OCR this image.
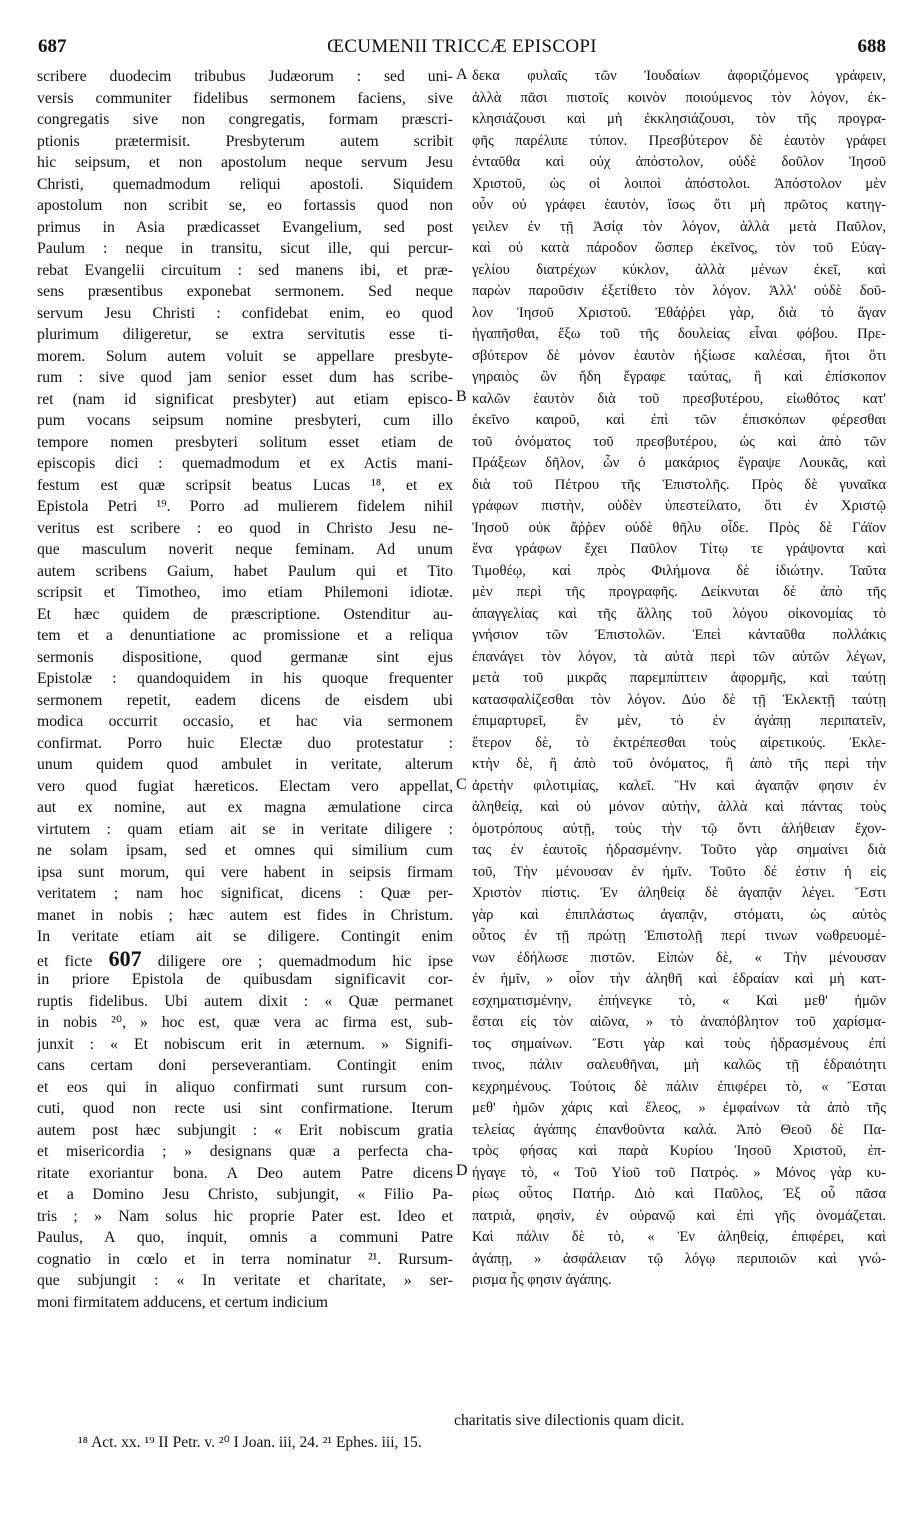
687	ŒCUMENII TRICCÆ EPISCOPI	688
scribere duodecim tribubus Judæorum : sed uni-
versis communiter fidelibus sermonem faciens, sive
congregatis sive non congregatis, formam præscri-
ptionis prætermisit. Presbyterum autem scribit
hic seipsum, et non apostolum neque servum Jesu
Christi, quemadmodum reliqui apostoli. Siquidem
apostolum non scribit se, eo fortassis quod non
primus in Asia prædicasset Evangelium, sed post
Paulum : neque in transitu, sicut ille, qui percur-
rebat Evangelii circuitum : sed manens ibi, et præ-
sens præsentibus exponebat sermonem. Sed neque
servum Jesu Christi : confidebat enim, eo quod
plurimum diligeretur, se extra servitutis esse ti-
morem. Solum autem voluit se appellare presbyte-
rum : sive quod jam senior esset dum has scribe-
ret (nam id significat presbyter) aut etiam episco-
pum vocans seipsum nomine presbyteri, cum illo
tempore nomen presbyteri solitum esset etiam de
episcopis dici : quemadmodum et ex Actis mani-
festum est quæ scripsit beatus Lucas ¹⁸, et ex
Epistola Petri ¹⁹. Porro ad mulierem fidelem nihil
veritus est scribere : eo quod in Christo Jesu ne-
que masculum noverit neque feminam. Ad unum
autem scribens Gaium, habet Paulum qui et Tito
scripsit et Timotheo, imo etiam Philemoni idiotæ.
Et hæc quidem de præscriptione. Ostenditur au-
tem et a denuntiatione ac promissione et a reliqua
sermonis dispositione, quod germanæ sint ejus
Epistolæ : quandoquidem in his quoque frequenter
sermonem repetit, eadem dicens de eisdem ubi
modica occurrit occasio, et hac via sermonem
confirmat. Porro huic Electæ duo protestatur :
unum quidem quod ambulet in veritate, alterum
vero quod fugiat hæreticos. Electam vero appellat,
aut ex nomine, aut ex magna æmulatione circa
virtutem : quam etiam ait se in veritate diligere :
ne solam ipsam, sed et omnes qui similium cum
ipsa sunt morum, qui vere habent in seipsis firmam
veritatem ; nam hoc significat, dicens : Quæ per-
manet in nobis ; hæc autem est fides in Christum.
In veritate etiam ait se diligere. Contingit enim
et ficte 607 diligere ore ; quemadmodum hic ipse
in priore Epistola de quibusdam significavit cor-
ruptis fidelibus. Ubi autem dixit : « Quæ permanet
in nobis ²⁰, » hoc est, quæ vera ac firma est, sub-
junxit : « Et nobiscum erit in æternum. » Signifi-
cans certam doni perseverantiam. Contingit enim
et eos qui in aliquo confirmati sunt rursum con-
cuti, quod non recte usi sint confirmatione. Iterum
autem post hæc subjungit : « Erit nobiscum gratia
et misericordia ; » designans quæ a perfecta cha-
ritate exoriantur bona. A Deo autem Patre dicens
et a Domino Jesu Christo, subjungit, « Filio Pa-
tris ; » Nam solus hic proprie Pater est. Ideo et
Paulus, A quo, inquit, omnis a communi Patre
cognatio in cœlo et in terra nominatur ²¹. Rursum-
que subjungit : « In veritate et charitate, » ser-
moni firmitatem adducens, et certum indicium
δεκα φυλαῖς τῶν Ἰουδαίων ἀφοριζόμενος γράφειν,
ἀλλὰ πᾶσι πιστοῖς κοινὸν ποιούμενος τὸν λόγον, ἐκ-
κλησιάζουσι καὶ μὴ ἐκκλησιάζουσι, τὸν τῆς προγρα-
φῆς παρέλιπε τύπον. Πρεσβύτερον δὲ ἑαυτὸν γράφει
ἐνταῦθα καὶ οὐχ ἀπόστολον, οὐδὲ δοῦλον Ἰησοῦ
Χριστοῦ, ὡς οἱ λοιποὶ ἀπόστολοι. Ἀπόστολον μὲν
οὖν οὐ γράφει ἑαυτὸν, ἴσως ὅτι μὴ πρῶτος κατηγ-
γειλεν ἐν τῇ Ἀσίᾳ τὸν λόγον, ἀλλὰ μετὰ Παῦλον,
καὶ οὐ κατὰ πάροδον ὥσπερ ἐκεῖνος, τὸν τοῦ Εὐαγ-
γελίου διατρέχων κύκλον, ἀλλὰ μένων ἐκεῖ, καὶ
παρὼν παροῦσιν ἐξετίθετο τὸν λόγον. Ἀλλ' οὐδὲ δοῦ-
λον Ἰησοῦ Χριστοῦ. Ἐθάῤῥει γὰρ, διὰ τὸ ἄγαν
ἠγαπῆσθαι, ἔξω τοῦ τῆς δουλείας εἶναι φόβου. Πρε-
σβύτερον δὲ μόνον ἑαυτὸν ἠξίωσε καλέσαι, ἤτοι ὅτι
γηραιὸς ὢν ἤδη ἔγραφε ταύτας, ἢ καὶ ἐπίσκοπον
καλῶν ἑαυτὸν διὰ τοῦ πρεσβυτέρου, εἰωθότος κατ'
ἐκεῖνο καιροῦ, καὶ ἐπὶ τῶν ἐπισκόπων φέρεσθαι
τοῦ ὀνόματος τοῦ πρεσβυτέρου, ὡς καὶ ἀπὸ τῶν
Πράξεων δῆλον, ὧν ὁ μακάριος ἔγραψε Λουκᾶς, καὶ
διὰ τοῦ Πέτρου τῆς Ἐπιστολῆς. Πρὸς δὲ γυναῖκα
γράφων πιστὴν, οὐδὲν ὑπεστείλατο, ὅτι ἐν Χριστῷ
Ἰησοῦ οὐκ ἄῤῥεν οὐδὲ θῆλυ οἶδε. Πρὸς δὲ Γάϊον
ἕνα γράφων ἔχει Παῦλον Τίτῳ τε γράψοντα καὶ
Τιμοθέῳ, καὶ πρὸς Φιλήμονα δὲ ἰδιώτην. Ταῦτα
μὲν περὶ τῆς προγραφῆς. Δείκνυται δὲ ἀπὸ τῆς
ἀπαγγελίας καὶ τῆς ἄλλης τοῦ λόγου οἰκονομίας τὸ
γνήσιον τῶν Ἐπιστολῶν. Ἐπεὶ κἀνταῦθα πολλάκις
ἐπανάγει τὸν λόγον, τὰ αὐτὰ περὶ τῶν αὐτῶν λέγων,
μετὰ τοῦ μικρᾶς παρεμπίπτειν ἀφορμῆς, καὶ ταύτῃ
κατασφαλίζεσθαι τὸν λόγον. Δύο δὲ τῇ Ἐκλεκτῇ ταύτῃ
ἐπιμαρτυρεῖ, ἓν μὲν, τὸ ἐν ἀγάπῃ περιπατεῖν,
ἕτερον δὲ, τὸ ἐκτρέπεσθαι τοὺς αἱρετικούς. Ἐκλε-
κτὴν δὲ, ἢ ἀπὸ τοῦ ὀνόματος, ἢ ἀπὸ τῆς περὶ τὴν
ἀρετὴν φιλοτιμίας, καλεῖ. Ἣν καὶ ἀγαπᾷν φησιν ἐν
ἀληθείᾳ, καὶ οὐ μόνον αὐτὴν, ἀλλὰ καὶ πάντας τοὺς
ὁμοτρόπους αὐτῇ, τοὺς τὴν τῷ ὄντι ἀλήθειαν ἔχον-
τας ἐν ἑαυτοῖς ἡδρασμένην. Τοῦτο γὰρ σημαίνει διὰ
τοῦ, Τὴν μένουσαν ἐν ἡμῖν. Τοῦτο δέ ἐστιν ἡ εἰς
Χριστὸν πίστις. Ἐν ἀληθείᾳ δὲ ἀγαπᾷν λέγει. Ἔστι
γὰρ καὶ ἐπιπλάστως ἀγαπᾷν, στόματι, ὡς αὐτὸς
οὗτος ἐν τῇ πρώτῃ Ἐπιστολῇ περί τινων νωθρευομέ-
νων ἐδήλωσε πιστῶν. Εἰπὼν δὲ, « Τὴν μένουσαν
ἐν ἡμῖν, » οἷον τὴν ἀληθῆ καὶ ἑδραίαν καὶ μὴ κατ-
εσχηματισμένην, ἐπήνεγκε τὸ, « Καὶ μεθ' ἡμῶν
ἔσται εἰς τὸν αἰῶνα, » τὸ ἀναπόβλητον τοῦ χαρίσμα-
τος σημαίνων. Ἔστι γὰρ καὶ τοὺς ἡδρασμένους ἐπί
τινος, πάλιν σαλευθῆναι, μὴ καλῶς τῇ ἑδραιότητι
κεχρημένους. Τούτοις δὲ πάλιν ἐπιφέρει τὸ, « Ἔσται
μεθ' ἡμῶν χάρις καὶ ἔλεος, » ἐμφαίνων τὰ ἀπὸ τῆς
τελείας ἀγάπης ἐπανθοῦντα καλά. Ἀπὸ Θεοῦ δὲ Πα-
τρὸς φήσας καὶ παρὰ Κυρίου Ἰησοῦ Χριστοῦ, ἐπ-
ήγαγε τὸ, « Τοῦ Υἱοῦ τοῦ Πατρός. » Μόνος γὰρ κυ-
ρίως οὗτος Πατήρ. Διὸ καὶ Παῦλος, Ἐξ οὗ πᾶσα
πατριὰ, φησὶν, ἐν οὐρανῷ καὶ ἐπὶ γῆς ὀνομάζεται.
Καὶ πάλιν δὲ τὸ, « Ἐν ἀληθείᾳ, ἐπιφέρει, καὶ
ἀγάπῃ, » ἀσφάλειαν τῷ λόγῳ περιποιῶν καὶ γνώ-
ρισμα ἧς φησιν ἀγάπης.
A
B
C
D
charitatis sive dilectionis quam dicit.
¹⁸ Act. xx. ¹⁹ II Petr. v. ²⁰ I Joan. iii, 24. ²¹ Ephes. iii, 15.
